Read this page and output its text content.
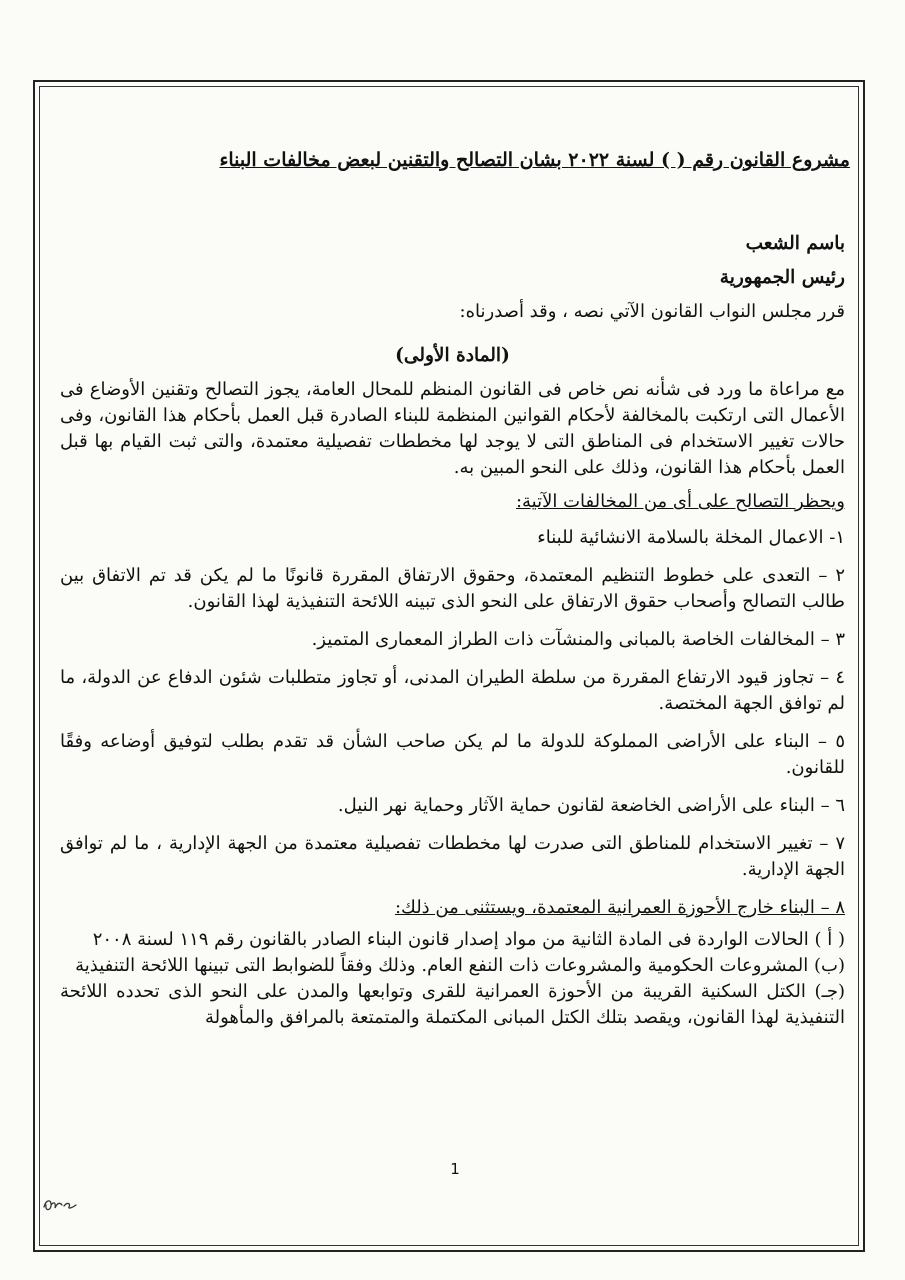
مشروع القانون رقم ( ) لسنة ٢٠٢٢ بشان التصالح والتقنين لبعض مخالفات البناء

باسم الشعب

رئيس الجمهورية

قرر مجلس النواب القانون الآتي نصه ، وقد أصدرناه:

(المادة الأولى)

مع مراعاة ما ورد فى شأنه نص خاص فى القانون المنظم للمحال العامة، يجوز التصالح وتقنين الأوضاع فى الأعمال التى ارتكبت بالمخالفة لأحكام القوانين المنظمة للبناء الصادرة قبل العمل بأحكام هذا القانون، وفى حالات تغيير الاستخدام فى المناطق التى لا يوجد لها مخططات تفصيلية معتمدة، والتى ثبت القيام بها قبل العمل بأحكام هذا القانون، وذلك على النحو المبين به.

ويحظر التصالح على أى من المخالفات الآتية:

١- الاعمال المخلة بالسلامة الانشائية للبناء

٢ – التعدى على خطوط التنظيم المعتمدة، وحقوق الارتفاق المقررة قانونًا ما لم يكن قد تم الاتفاق بين طالب التصالح وأصحاب حقوق الارتفاق على النحو الذى تبينه اللائحة التنفيذية لهذا القانون.

٣ – المخالفات الخاصة بالمبانى والمنشآت ذات الطراز المعمارى المتميز.

٤ – تجاوز قيود الارتفاع المقررة من سلطة الطيران المدنى، أو تجاوز متطلبات شئون الدفاع عن الدولة، ما لم توافق الجهة المختصة.

٥ – البناء على الأراضى المملوكة للدولة ما لم يكن صاحب الشأن قد تقدم بطلب لتوفيق أوضاعه وفقًا للقانون.

٦ – البناء على الأراضى الخاضعة لقانون حماية الآثار وحماية نهر النيل.

٧ – تغيير الاستخدام للمناطق التى صدرت لها مخططات تفصيلية معتمدة من الجهة الإدارية ، ما لم توافق الجهة الإدارية.

٨ – البناء خارج الأحوزة العمرانية المعتمدة، ويستثنى من ذلك:

( أ ) الحالات الواردة فى المادة الثانية من مواد إصدار قانون البناء الصادر بالقانون رقم ١١٩ لسنة ٢٠٠٨

(ب) المشروعات الحكومية والمشروعات ذات النفع العام. وذلك وفقاً للضوابط التى تبينها اللائحة التنفيذية

(جـ) الكتل السكنية القريبة من الأحوزة العمرانية للقرى وتوابعها والمدن على النحو الذى تحدده اللائحة التنفيذية لهذا القانون، ويقصد بتلك الكتل المبانى المكتملة والمتمتعة بالمرافق والمأهولة

1
